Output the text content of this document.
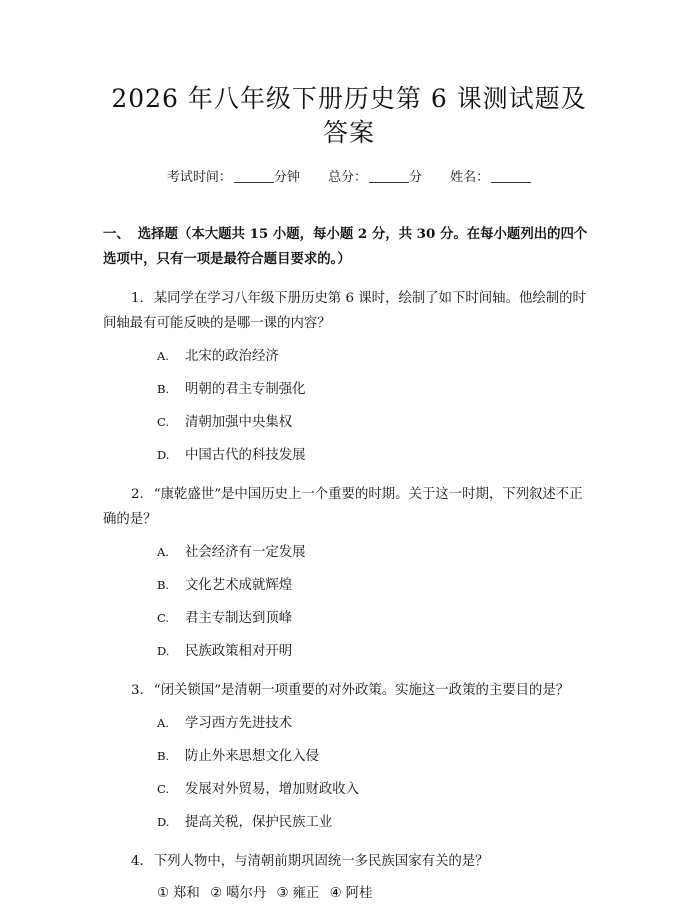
2026 年八年级下册历史第 6 课测试题及答案
考试时间：	分钟 总分：	分 姓名：
一、 选择题（本大题共 15 小题，每小题 2 分，共 30 分。在每小题列出的四个选项中，只有一项是最符合题目要求的。）
1. 某同学在学习八年级下册历史第 6 课时，绘制了如下时间轴。他绘制的时间轴最有可能反映的是哪一课的内容？
A. 北宋的政治经济
B. 明朝的君主专制强化
C. 清朝加强中央集权
D. 中国古代的科技发展
2. “康乾盛世”是中国历史上一个重要的时期。关于这一时期，下列叙述不正确的是？
A. 社会经济有一定发展
B. 文化艺术成就辉煌
C. 君主专制达到顶峰
D. 民族政策相对开明
3. “闭关锁国”是清朝一项重要的对外政策。实施这一政策的主要目的是？
A. 学习西方先进技术
B. 防止外来思想文化入侵
C. 发展对外贸易，增加财政收入
D. 提高关税，保护民族工业
4. 下列人物中，与清朝前期巩固统一多民族国家有关的是？
① 郑和 ② 噶尔丹 ③ 雍正 ④ 阿桂
